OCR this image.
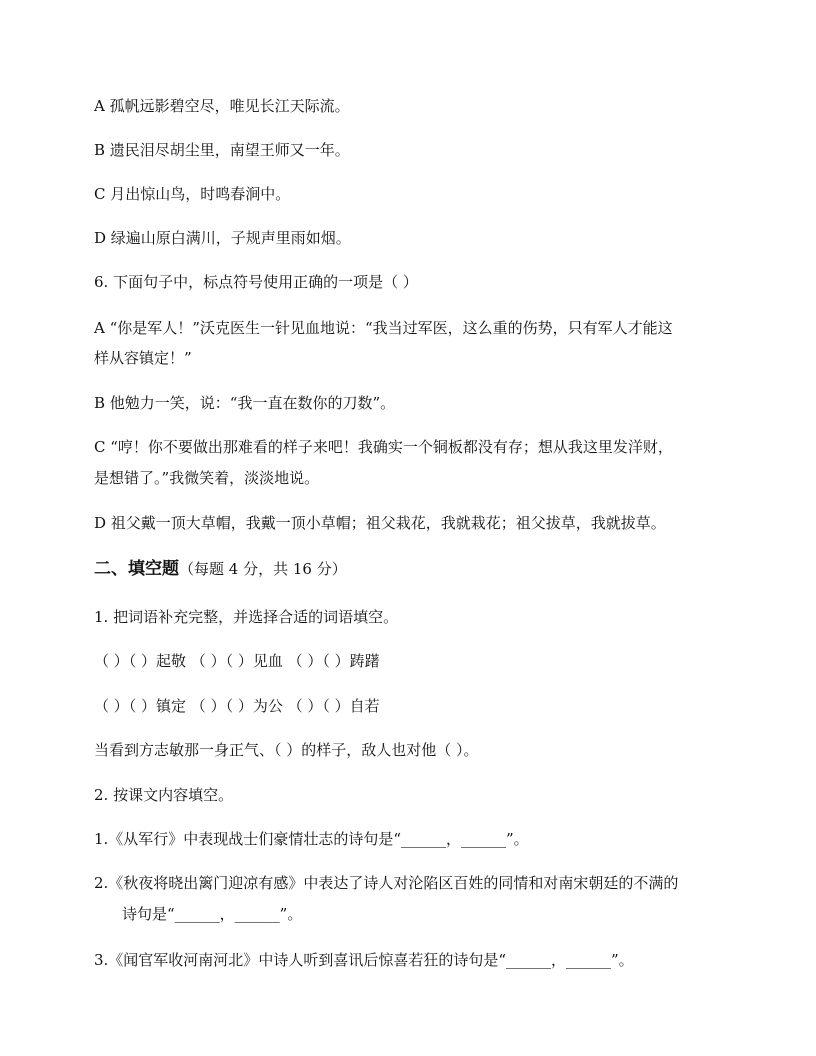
A 孤帆远影碧空尽，唯见长江天际流。
B 遗民泪尽胡尘里，南望王师又一年。
C 月出惊山鸟，时鸣春涧中。
D 绿遍山原白满川，子规声里雨如烟。
6. 下面句子中，标点符号使用正确的一项是（ ）
A “你是军人！”沃克医生一针见血地说：“我当过军医，这么重的伤势，只有军人才能这
样从容镇定！”
B 他勉力一笑，说：“我一直在数你的刀数”。
C “哼！你不要做出那难看的样子来吧！我确实一个铜板都没有存；想从我这里发洋财，
是想错了。”我微笑着，淡淡地说。
D 祖父戴一顶大草帽，我戴一顶小草帽；祖父栽花，我就栽花；祖父拔草，我就拔草。
二、填空题（每题 4 分，共 16 分）
1. 把词语补充完整，并选择合适的词语填空。
（ ）（ ）起敬 （ ）（ ）见血 （ ）（ ）踌躇
（ ）（ ）镇定 （ ）（ ）为公 （ ）（ ）自若
当看到方志敏那一身正气、（ ）的样子，敌人也对他（ ）。
2. 按课文内容填空。
1.《从军行》中表现战士们豪情壮志的诗句是“______，______”。
2.《秋夜将晓出篱门迎凉有感》中表达了诗人对沦陷区百姓的同情和对南宋朝廷的不满的
诗句是“______，______”。
3.《闻官军收河南河北》中诗人听到喜讯后惊喜若狂的诗句是“______，______”。
